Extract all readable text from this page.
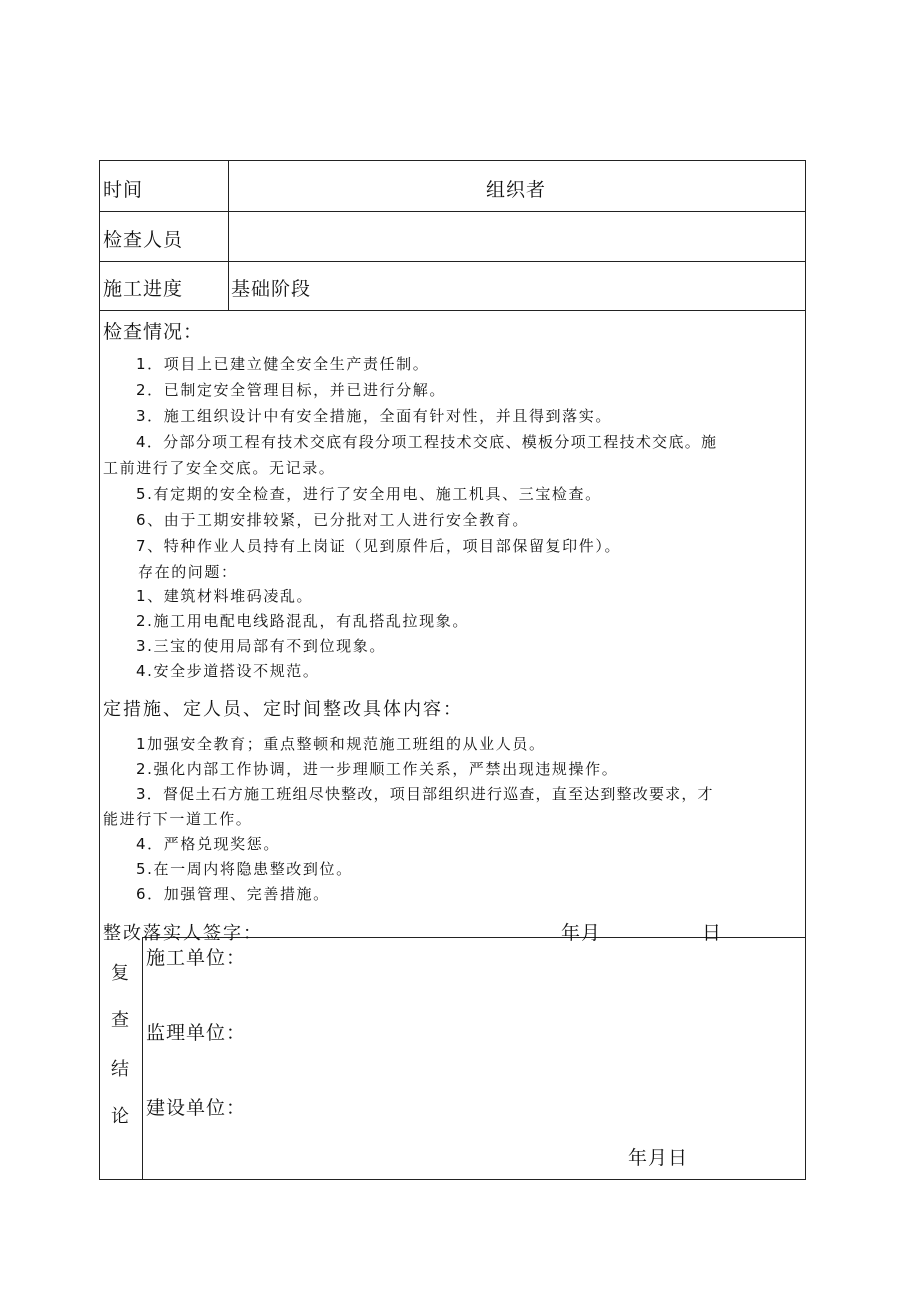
时间	组织者
检查人员
施工进度	基础阶段
检查情况：
1．项目上已建立健全安全生产责任制。
2．已制定安全管理目标，并已进行分解。
3．施工组织设计中有安全措施，全面有针对性，并且得到落实。
4．分部分项工程有技术交底有段分项工程技术交底、模板分项工程技术交底。施
工前进行了安全交底。无记录。
5.有定期的安全检查，进行了安全用电、施工机具、三宝检查。
6、由于工期安排较紧，已分批对工人进行安全教育。
7、特种作业人员持有上岗证（见到原件后，项目部保留复印件）。
存在的问题：
1、建筑材料堆码凌乱。
2.施工用电配电线路混乱，有乱搭乱拉现象。
3.三宝的使用局部有不到位现象。
4.安全步道搭设不规范。
定措施、定人员、定时间整改具体内容：
1加强安全教育；重点整顿和规范施工班组的从业人员。
2.强化内部工作协调，进一步理顺工作关系，严禁出现违规操作。
3．督促土石方施工班组尽快整改，项目部组织进行巡查，直至达到整改要求，才
能进行下一道工作。
4．严格兑现奖惩。
5.在一周内将隐患整改到位。
6．加强管理、完善措施。
整改落实人签字：	年月	日
复
查
结
论
施工单位：
监理单位：
建设单位：
年月日
